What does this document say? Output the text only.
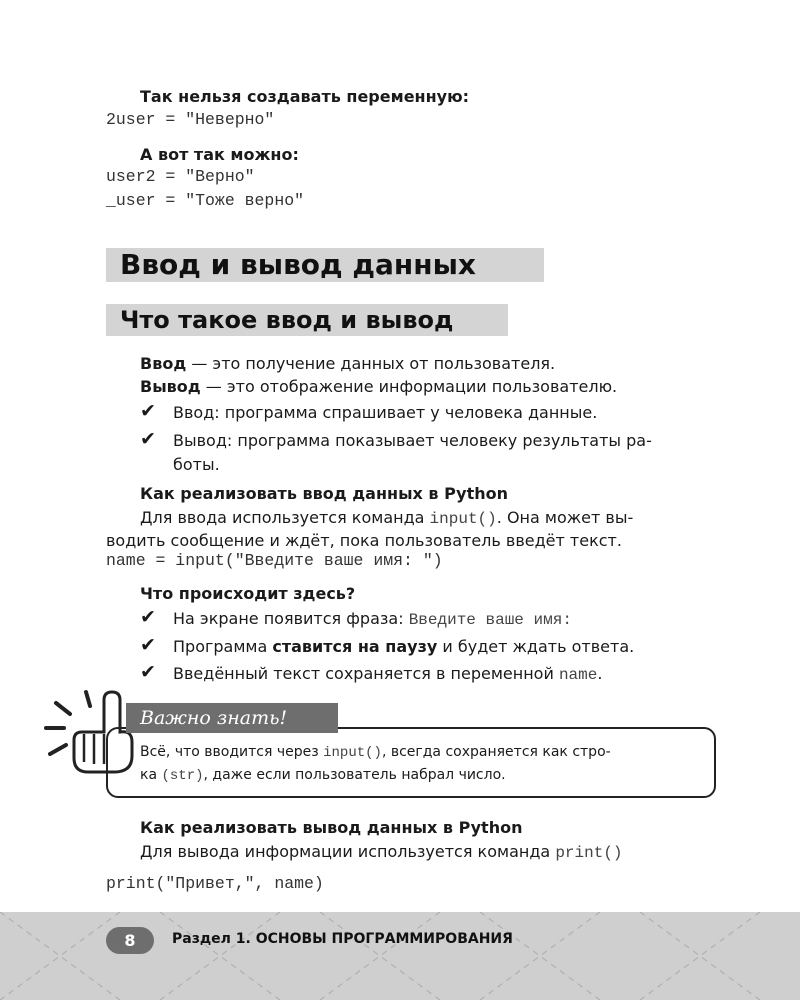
Так нельзя создавать переменную:
2user = "Неверно"
А вот так можно:
user2 = "Верно"
_user = "Тоже верно"
Ввод и вывод данных
Что такое ввод и вывод
Ввод — это получение данных от пользователя.
Вывод — это отображение информации пользователю.
✔ Ввод: программа спрашивает у человека данные.
✔ Вывод: программа показывает человеку результаты ра-
боты.
Как реализовать ввод данных в Python
Для ввода используется команда input(). Она может вы-
водить сообщение и ждёт, пока пользователь введёт текст.
name = input("Введите ваше имя: ")
Что происходит здесь?
✔ На экране появится фраза: Введите ваше имя:
✔ Программа ставится на паузу и будет ждать ответа.
✔ Введённый текст сохраняется в переменной name.
Важно знать!
Всё, что вводится через input(), всегда сохраняется как стро-
ка (str), даже если пользователь набрал число.
Как реализовать вывод данных в Python
Для вывода информации используется команда print()
print("Привет,", name)
8	Раздел 1. ОСНОВЫ ПРОГРАММИРОВАНИЯ
